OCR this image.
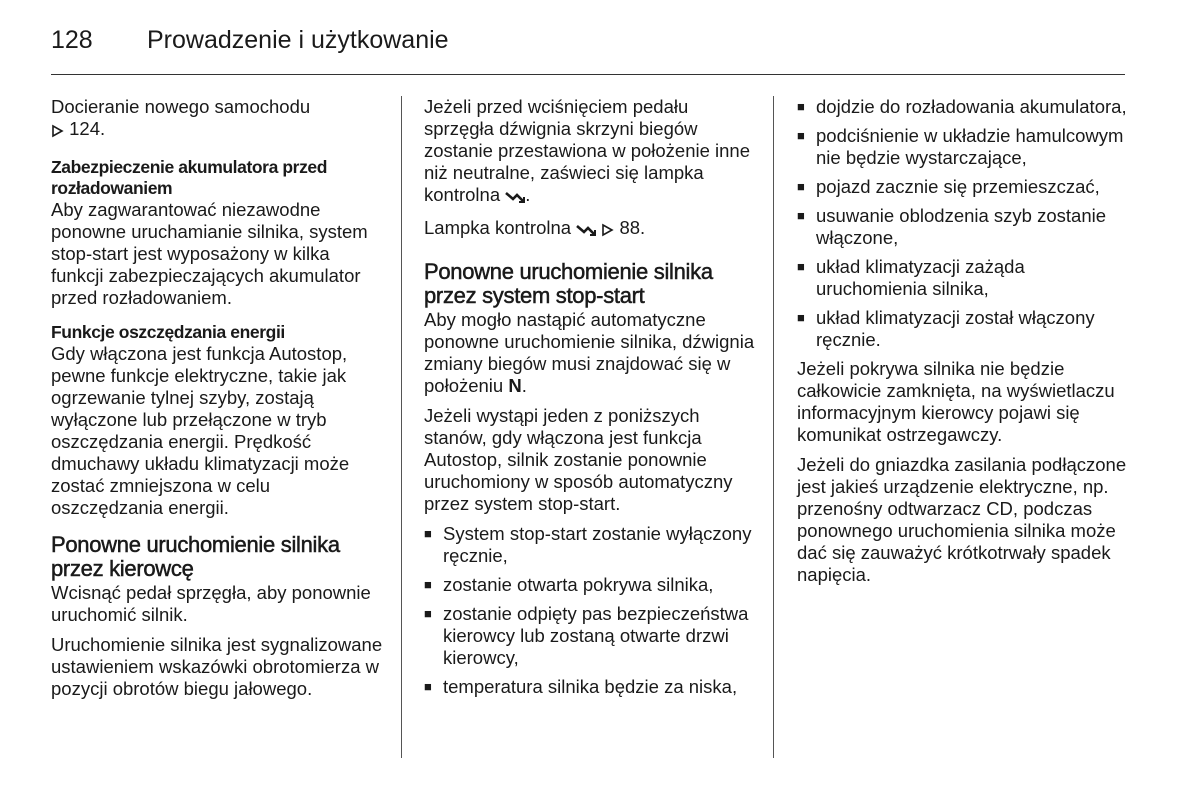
128	Prowadzenie i użytkowanie

Docieranie nowego samochodu
124.

Zabezpieczenie akumulatora przed rozładowaniem

Aby zagwarantować niezawodne ponowne uruchamianie silnika, system stop-start jest wyposażony w kilka funkcji zabezpieczających akumulator przed rozładowaniem.

Funkcje oszczędzania energii

Gdy włączona jest funkcja Autostop, pewne funkcje elektryczne, takie jak ogrzewanie tylnej szyby, zostają wyłączone lub przełączone w tryb oszczędzania energii. Prędkość dmuchawy układu klimatyzacji może zostać zmniejszona w celu oszczędzania energii.

Ponowne uruchomienie silnika przez kierowcę

Wcisnąć pedał sprzęgła, aby ponownie uruchomić silnik.

Uruchomienie silnika jest sygnalizowane ustawieniem wskazówki obrotomierza w pozycji obrotów biegu jałowego.

Jeżeli przed wciśnięciem pedału sprzęgła dźwignia skrzyni biegów zostanie przestawiona w położenie inne niż neutralne, zaświeci się lampka kontrolna .

Lampka kontrolna	88.

Ponowne uruchomienie silnika przez system stop-start

Aby mogło nastąpić automatyczne ponowne uruchomienie silnika, dźwignia zmiany biegów musi znajdować się w położeniu N.

Jeżeli wystąpi jeden z poniższych stanów, gdy włączona jest funkcja Autostop, silnik zostanie ponownie uruchomiony w sposób automatyczny przez system stop-start.

■ System stop-start zostanie wyłączony ręcznie,
■ zostanie otwarta pokrywa silnika,
■ zostanie odpięty pas bezpieczeństwa kierowcy lub zostaną otwarte drzwi kierowcy,
■ temperatura silnika będzie za niska,
■ dojdzie do rozładowania akumulatora,
■ podciśnienie w układzie hamulcowym nie będzie wystarczające,
■ pojazd zacznie się przemieszczać,
■ usuwanie oblodzenia szyb zostanie włączone,
■ układ klimatyzacji zażąda uruchomienia silnika,
■ układ klimatyzacji został włączony ręcznie.

Jeżeli pokrywa silnika nie będzie całkowicie zamknięta, na wyświetlaczu informacyjnym kierowcy pojawi się komunikat ostrzegawczy.

Jeżeli do gniazdka zasilania podłączone jest jakieś urządzenie elektryczne, np. przenośny odtwarzacz CD, podczas ponownego uruchomienia silnika może dać się zauważyć krótkotrwały spadek napięcia.
